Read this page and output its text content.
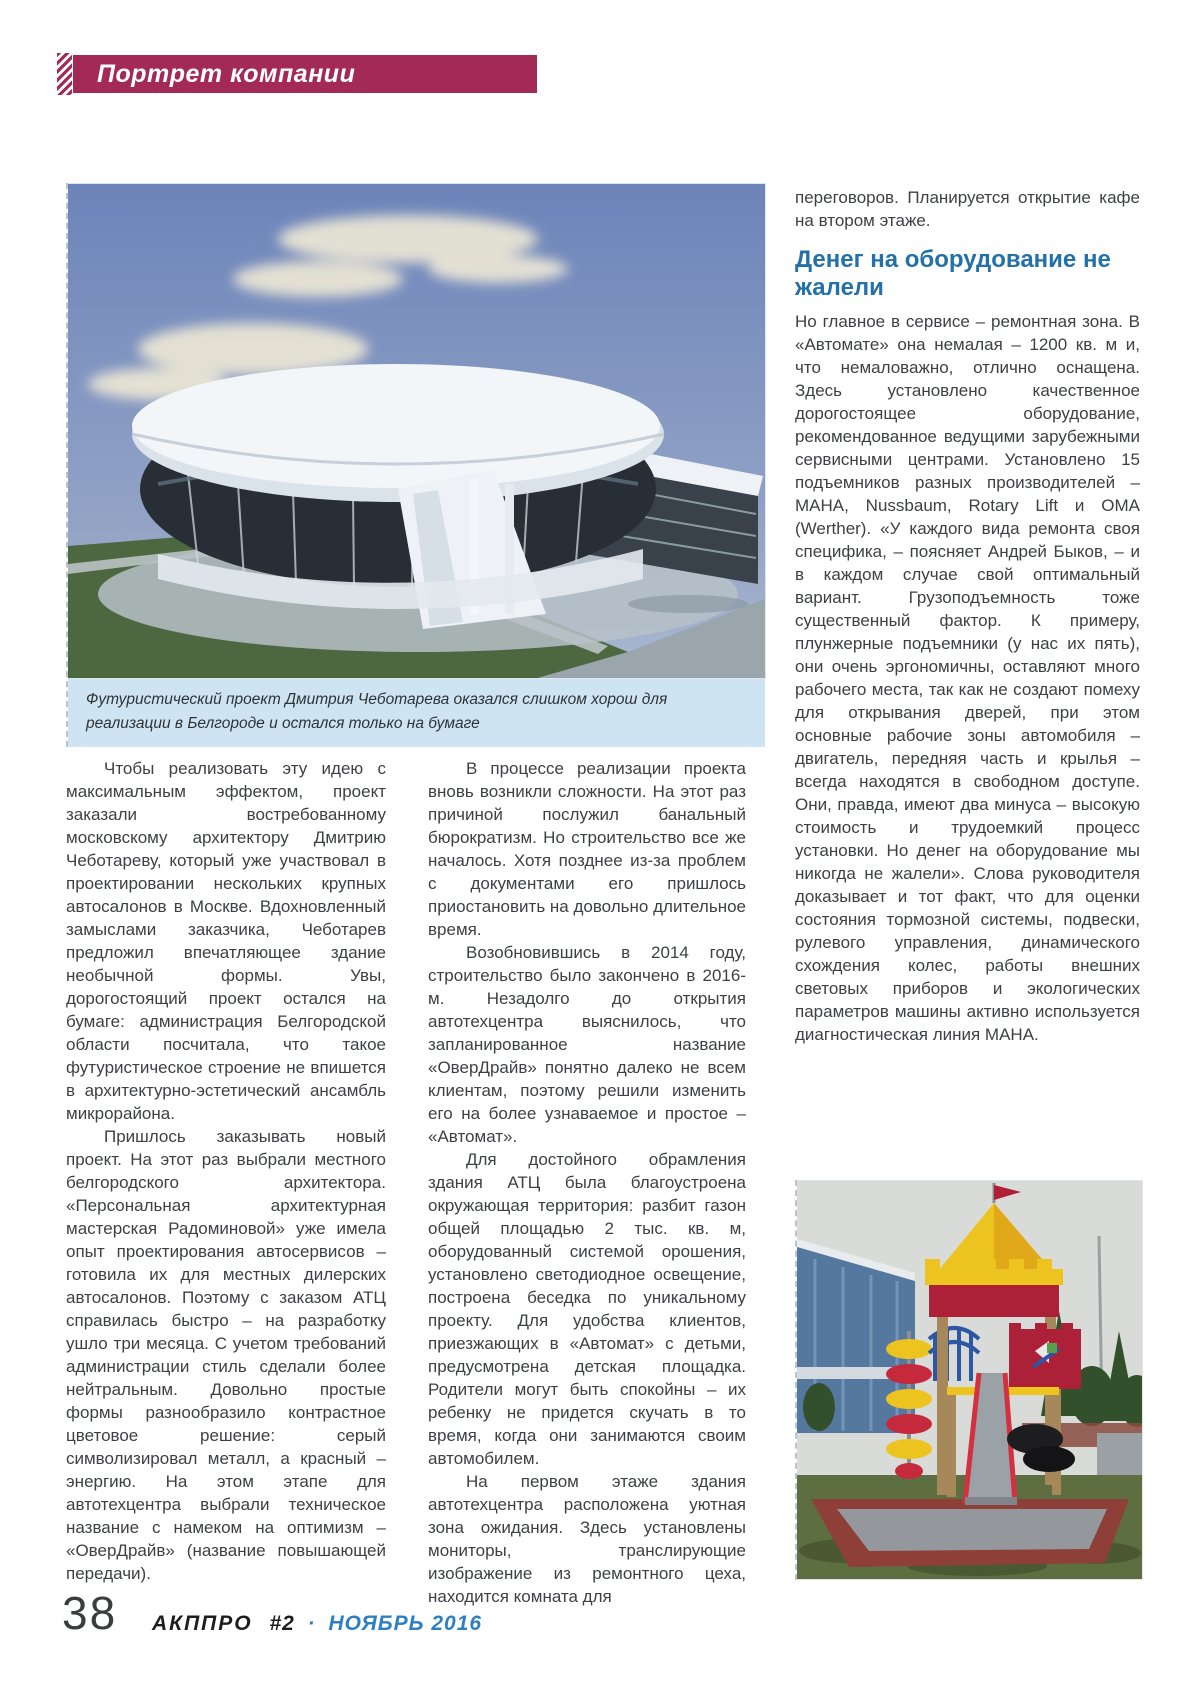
Портрет компании
Футуристический проект Дмитрия Чеботарева оказался слишком хорош для реализации в Белгороде и остался только на бумаге

Чтобы реализовать эту идею с максимальным эффектом, проект заказали востребованному московскому архитектору Дмитрию Чеботареву, который уже участвовал в проектировании нескольких крупных автосалонов в Москве. Вдохновленный замыслами заказчика, Чеботарев предложил впечатляющее здание необычной формы. Увы, дорогостоящий проект остался на бумаге: администрация Белгородской области посчитала, что такое футуристическое строение не впишется в архитектурно-эстетический ансамбль микрорайона.

Пришлось заказывать новый проект. На этот раз выбрали местного белгородского архитектора. «Персональная архитектурная мастерская Радоминовой» уже имела опыт проектирования автосервисов – готовила их для местных дилерских автосалонов. Поэтому с заказом АТЦ справилась быстро – на разработку ушло три месяца. С учетом требований администрации стиль сделали более нейтральным. Довольно простые формы разнообразило контрастное цветовое решение: серый символизировал металл, а красный – энергию. На этом этапе для автотехцентра выбрали техническое название с намеком на оптимизм – «ОверДрайв» (название повышающей передачи).

В процессе реализации проекта вновь возникли сложности. На этот раз причиной послужил банальный бюрократизм. Но строительство все же началось. Хотя позднее из-за проблем с документами его пришлось приостановить на довольно длительное время.

Возобновившись в 2014 году, строительство было закончено в 2016-м. Незадолго до открытия автотехцентра выяснилось, что запланированное название «ОверДрайв» понятно далеко не всем клиентам, поэтому решили изменить его на более узнаваемое и простое – «Автомат».

Для достойного обрамления здания АТЦ была благоустроена окружающая территория: разбит газон общей площадью 2 тыс. кв. м, оборудованный системой орошения, установлено светодиодное освещение, построена беседка по уникальному проекту. Для удобства клиентов, приезжающих в «Автомат» с детьми, предусмотрена детская площадка. Родители могут быть спокойны – их ребенку не придется скучать в то время, когда они занимаются своим автомобилем.

На первом этаже здания автотехцентра расположена уютная зона ожидания. Здесь установлены мониторы, транслирующие изображение из ремонтного цеха, находится комната для

переговоров. Планируется открытие кафе на втором этаже.

Денег на оборудование не жалели

Но главное в сервисе – ремонтная зона. В «Автомате» она немалая – 1200 кв. м и, что немаловажно, отлично оснащена. Здесь установлено качественное дорогостоящее оборудование, рекомендованное ведущими зарубежными сервисными центрами. Установлено 15 подъемников разных производителей – MAHA, Nussbaum, Rotary Lift и OMA (Werther). «У каждого вида ремонта своя специфика, – поясняет Андрей Быков, – и в каждом случае свой оптимальный вариант. Грузоподъемность тоже существенный фактор. К примеру, плунжерные подъемники (у нас их пять), они очень эргономичны, оставляют много рабочего места, так как не создают помеху для открывания дверей, при этом основные рабочие зоны автомобиля – двигатель, передняя часть и крылья – всегда находятся в свободном доступе. Они, правда, имеют два минуса – высокую стоимость и трудоемкий процесс установки. Но денег на оборудование мы никогда не жалели». Слова руководителя доказывает и тот факт, что для оценки состояния тормозной системы, подвески, рулевого управления, динамического схождения колес, работы внешних световых приборов и экологических параметров машины активно используется диагностическая линия MAHA.

38 АКППРО #2 · НОЯБРЬ 2016
